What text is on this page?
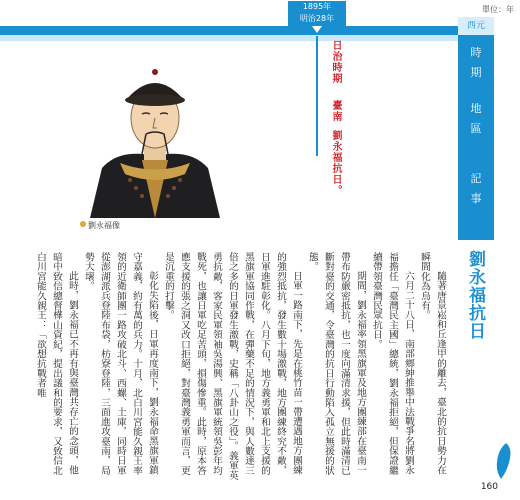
單位：年
1895年
明治28年
日治時期
臺南
劉永福抗日。
西元
時
期
地
區
記
事
劉永福像
劉永福抗日

隨著唐景崧和丘逢甲的離去，臺北的抗日勢力在瞬間化為烏有。

六月二十八日，南部鄉紳推舉中法戰爭名將劉永福擔任「臺灣民主國」總統，劉永福拒絕，但保證繼續帶領臺灣民眾抗日。

期間，劉永福率領黑旗軍及地方團練部在臺南一帶布防嚴密抵抗，也一度向滿清求援，但此時滿清已斷對臺的交通，令臺灣的抗日行動陷入孤立無援的狀態。

日軍一路南下，先是在桃竹苗一帶遭遇地方團練的強烈抵抗，發生數十場激戰，地方團練終究不敵，日軍進駐彰化。八月下旬，地方義勇軍和北上支援的黑旗軍協同作戰，在彈藥不足的情況下，與人數達三倍之多的日軍發生激戰，史稱「八卦山之役」。義軍英勇抗敵，客家民軍領袖吳湯興、黑旗軍統領吳彭年均戰死，也讓日軍吃足苦頭，損傷慘重。此時，原本答應支援的張之洞又改口拒絕，對臺灣義勇軍而言，更是沉重的打擊。

彰化失陷後，日軍再度南下，劉永福命黑旗軍鎮守嘉義，約有萬的兵力。十月，北白川宮能久親王率領的近衛師團一路攻破北斗、西螺、土庫，同時日軍從澎湖派兵登陸布袋，枋寮登陸，三面進攻臺南，局勢大壞。

此時，劉永福已不再有與臺灣共存亡的念頭，他暗中致信總督樺山資紀，提出議和的要求，又致信北白川宮能久親王：「欲想抗戰者唯

160
